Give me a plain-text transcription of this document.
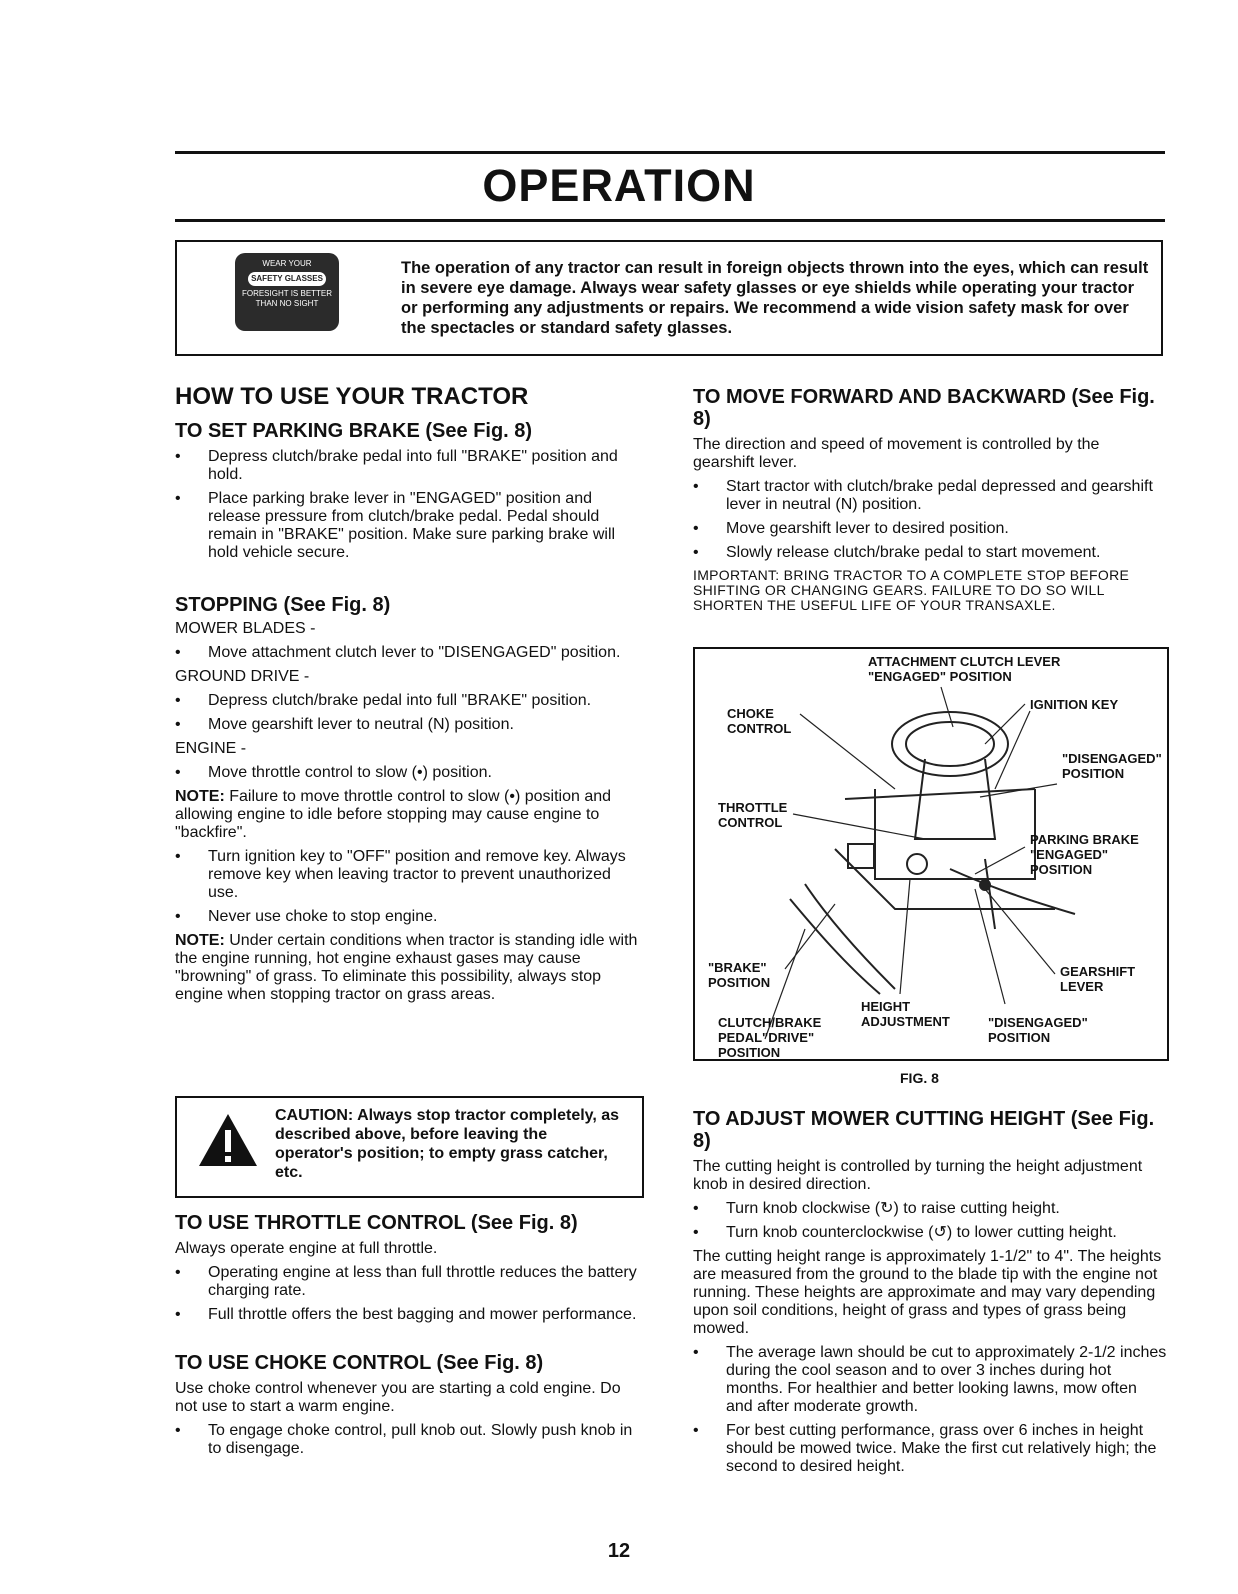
OPERATION
WEAR YOUR
SAFETY GLASSES
FORESIGHT IS BETTER THAN NO SIGHT
The operation of any tractor can result in foreign objects thrown into the eyes, which can result in severe eye damage. Always wear safety glasses or eye shields while operating your tractor or performing any adjustments or repairs. We recommend a wide vision safety mask for over the spectacles or standard safety glasses.
HOW TO USE YOUR TRACTOR
TO SET PARKING BRAKE (See Fig. 8)
• Depress clutch/brake pedal into full "BRAKE" position and hold.
• Place parking brake lever in "ENGAGED" position and release pressure from clutch/brake pedal. Pedal should remain in "BRAKE" position. Make sure parking brake will hold vehicle secure.
STOPPING (See Fig. 8)

MOWER BLADES -

• Move attachment clutch lever to "DISENGAGED" position.

GROUND DRIVE -

• Depress clutch/brake pedal into full "BRAKE" position.
• Move gearshift lever to neutral (N) position.

ENGINE -

• Move throttle control to slow (•) position.

NOTE: Failure to move throttle control to slow (•) position and allowing engine to idle before stopping may cause engine to "backfire".

• Turn ignition key to "OFF" position and remove key. Always remove key when leaving tractor to prevent unauthorized use.
• Never use choke to stop engine.

NOTE: Under certain conditions when tractor is standing idle with the engine running, hot engine exhaust gases may cause "browning" of grass. To eliminate this possibility, always stop engine when stopping tractor on grass areas.

CAUTION: Always stop tractor completely, as described above, before leaving the operator's position; to empty grass catcher, etc.
TO USE THROTTLE CONTROL (See Fig. 8)

Always operate engine at full throttle.

• Operating engine at less than full throttle reduces the battery charging rate.
• Full throttle offers the best bagging and mower performance.
TO USE CHOKE CONTROL (See Fig. 8)

Use choke control whenever you are starting a cold engine. Do not use to start a warm engine.

• To engage choke control, pull knob out. Slowly push knob in to disengage.
TO MOVE FORWARD AND BACKWARD (See Fig. 8)

The direction and speed of movement is controlled by the gearshift lever.

• Start tractor with clutch/brake pedal depressed and gearshift lever in neutral (N) position.
• Move gearshift lever to desired position.
• Slowly release clutch/brake pedal to start movement.

IMPORTANT: BRING TRACTOR TO A COMPLETE STOP BEFORE SHIFTING OR CHANGING GEARS. FAILURE TO DO SO WILL SHORTEN THE USEFUL LIFE OF YOUR TRANSAXLE.

ATTACHMENT CLUTCH LEVER
"ENGAGED" POSITION
IGNITION KEY
CHOKE
CONTROL
"DISENGAGED"
POSITION
THROTTLE
CONTROL
PARKING BRAKE
"ENGAGED"
POSITION
"BRAKE"
POSITION
GEARSHIFT
LEVER
HEIGHT
ADJUSTMENT
CLUTCH/BRAKE
PEDAL"DRIVE"
POSITION
"DISENGAGED"
POSITION
FIG. 8
TO ADJUST MOWER CUTTING HEIGHT (See Fig. 8)

The cutting height is controlled by turning the height adjustment knob in desired direction.

• Turn knob clockwise (↻) to raise cutting height.
• Turn knob counterclockwise (↺) to lower cutting height.

The cutting height range is approximately 1-1/2" to 4". The heights are measured from the ground to the blade tip with the engine not running. These heights are approximate and may vary depending upon soil conditions, height of grass and types of grass being mowed.

• The average lawn should be cut to approximately 2-1/2 inches during the cool season and to over 3 inches during hot months. For healthier and better looking lawns, mow often and after moderate growth.
• For best cutting performance, grass over 6 inches in height should be mowed twice. Make the first cut relatively high; the second to desired height.
12
